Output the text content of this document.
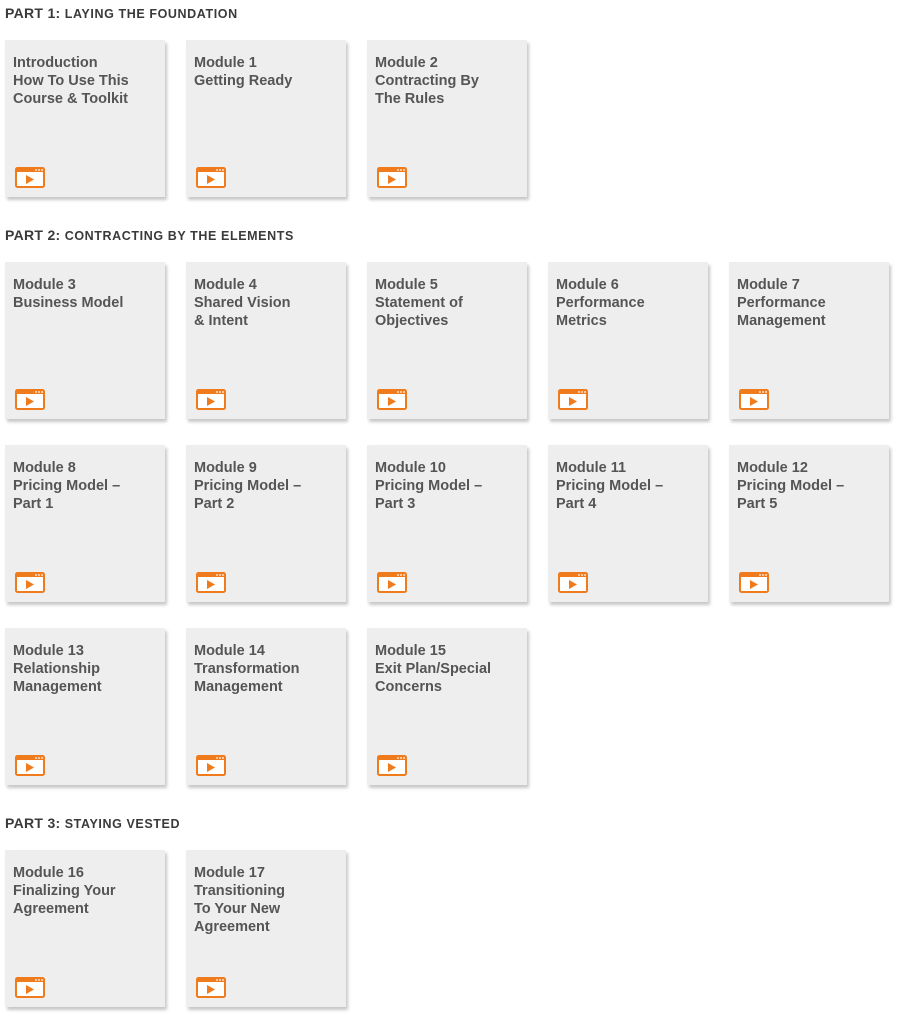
PART 1: LAYING THE FOUNDATION
Introduction
How To Use This
Course & Toolkit
Module 1
Getting Ready
Module 2
Contracting By
The Rules
PART 2: CONTRACTING BY THE ELEMENTS
Module 3
Business Model
Module 4
Shared Vision
& Intent
Module 5
Statement of
Objectives
Module 6
Performance
Metrics
Module 7
Performance
Management
Module 8
Pricing Model –
Part 1
Module 9
Pricing Model –
Part 2
Module 10
Pricing Model –
Part 3
Module 11
Pricing Model –
Part 4
Module 12
Pricing Model –
Part 5
Module 13
Relationship
Management
Module 14
Transformation
Management
Module 15
Exit Plan/Special
Concerns
PART 3: STAYING VESTED
Module 16
Finalizing Your
Agreement
Module 17
Transitioning
To Your New
Agreement
